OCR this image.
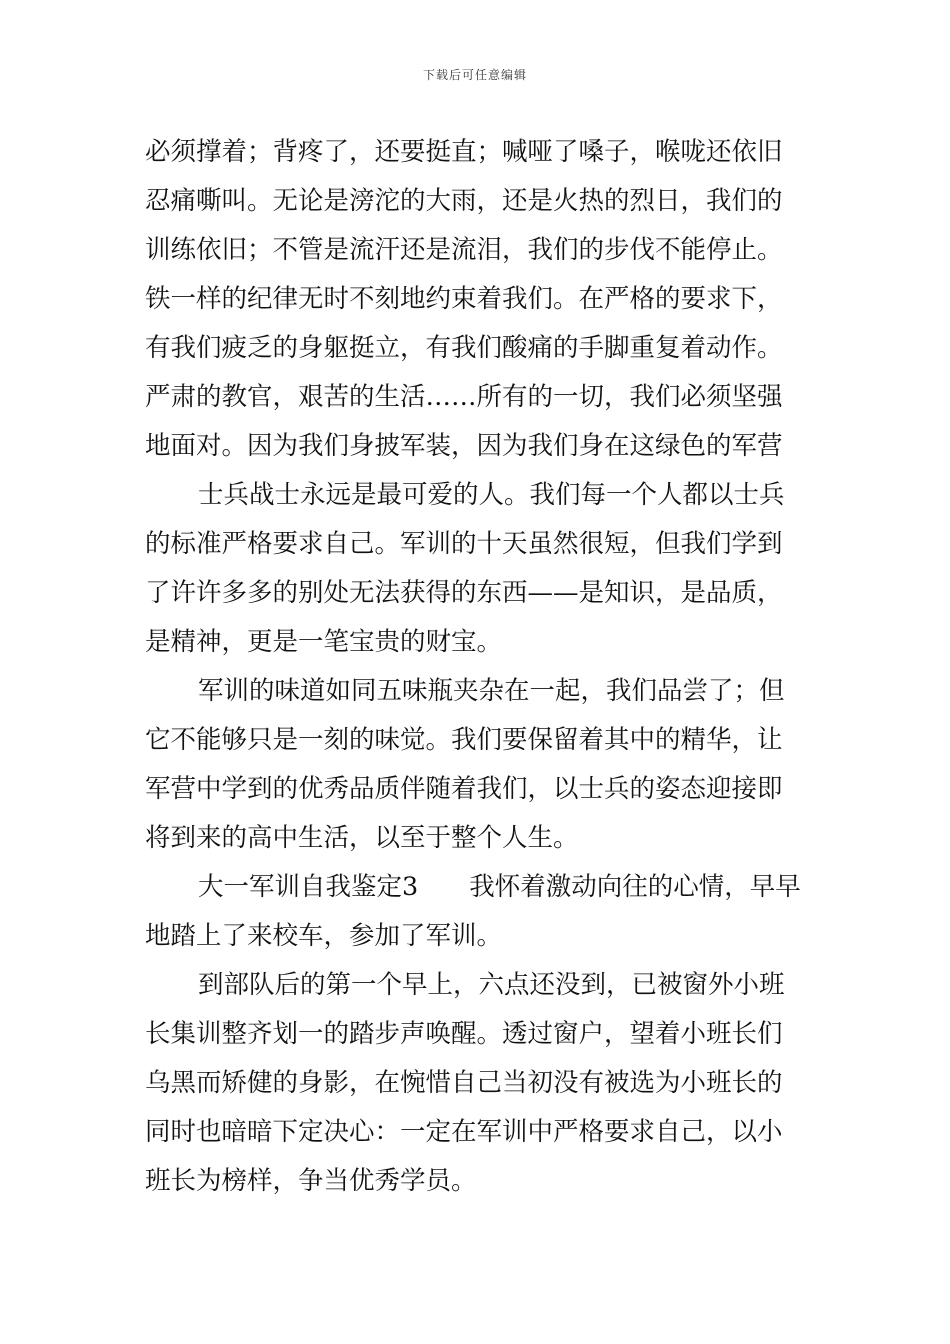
下载后可任意编辑
必须撑着；背疼了，还要挺直；喊哑了嗓子，喉咙还依旧
忍痛嘶叫。无论是滂沱的大雨，还是火热的烈日，我们的
训练依旧；不管是流汗还是流泪，我们的步伐不能停止。
铁一样的纪律无时不刻地约束着我们。在严格的要求下，
有我们疲乏的身躯挺立，有我们酸痛的手脚重复着动作。
严肃的教官，艰苦的生活……所有的一切，我们必须坚强
地面对。因为我们身披军装，因为我们身在这绿色的军营
士兵战士永远是最可爱的人。我们每一个人都以士兵
的标准严格要求自己。军训的十天虽然很短，但我们学到
了许许多多的别处无法获得的东西——是知识，是品质，
是精神，更是一笔宝贵的财宝。
军训的味道如同五味瓶夹杂在一起，我们品尝了；但
它不能够只是一刻的味觉。我们要保留着其中的精华，让
军营中学到的优秀品质伴随着我们，以士兵的姿态迎接即
将到来的高中生活，以至于整个人生。
大一军训自我鉴定3　　我怀着激动向往的心情，早早
地踏上了来校车，参加了军训。
到部队后的第一个早上，六点还没到，已被窗外小班
长集训整齐划一的踏步声唤醒。透过窗户，望着小班长们
乌黑而矫健的身影，在惋惜自己当初没有被选为小班长的
同时也暗暗下定决心：一定在军训中严格要求自己，以小
班长为榜样，争当优秀学员。
